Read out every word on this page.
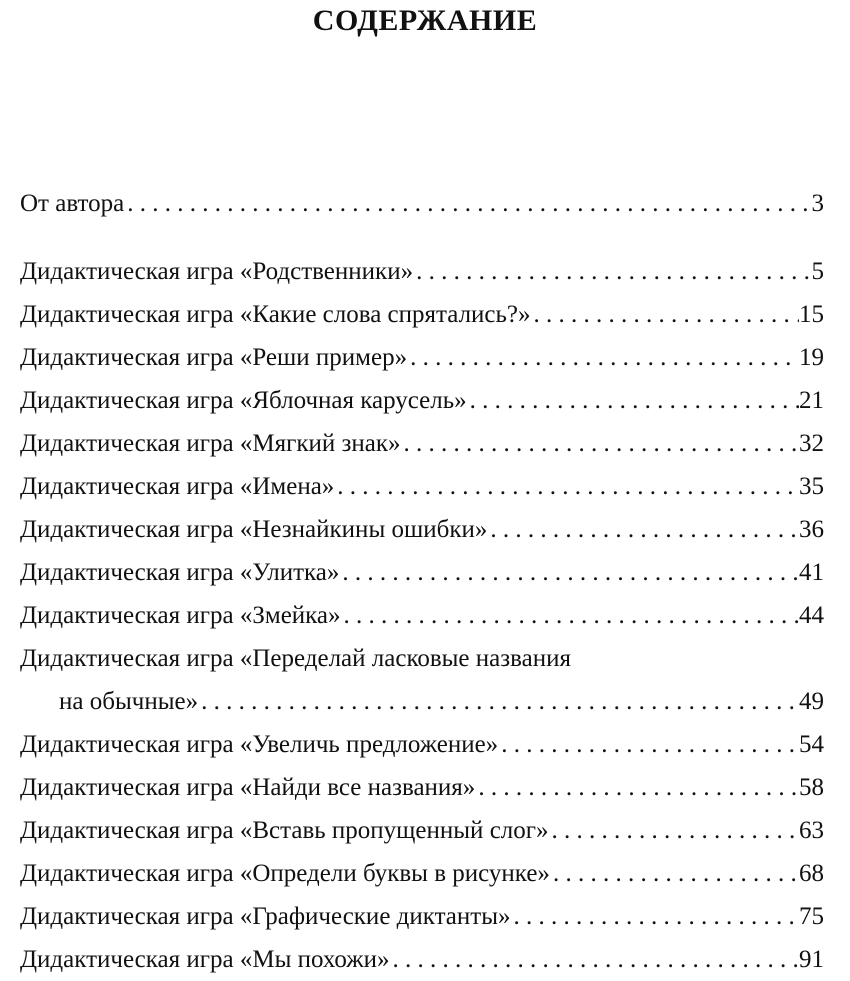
СОДЕРЖАНИЕ
От автора . . .	3
Дидактическая игра «Родственники» . . .	5
Дидактическая игра «Какие слова спрятались?» . . .	15
Дидактическая игра «Реши пример» . . .	19
Дидактическая игра «Яблочная карусель» . . .	21
Дидактическая игра «Мягкий знак» . . .	32
Дидактическая игра «Имена» . . .	35
Дидактическая игра «Незнайкины ошибки» . . .	36
Дидактическая игра «Улитка» . . .	41
Дидактическая игра «Змейка» . . .	44
Дидактическая игра «Переделай ласковые названия
на обычные» . . .	49
Дидактическая игра «Увеличь предложение» . . .	54
Дидактическая игра «Найди все названия» . . .	58
Дидактическая игра «Вставь пропущенный слог» . . .	63
Дидактическая игра «Определи буквы в рисунке» . . .	68
Дидактическая игра «Графические диктанты» . . .	75
Дидактическая игра «Мы похожи» . . .	91
